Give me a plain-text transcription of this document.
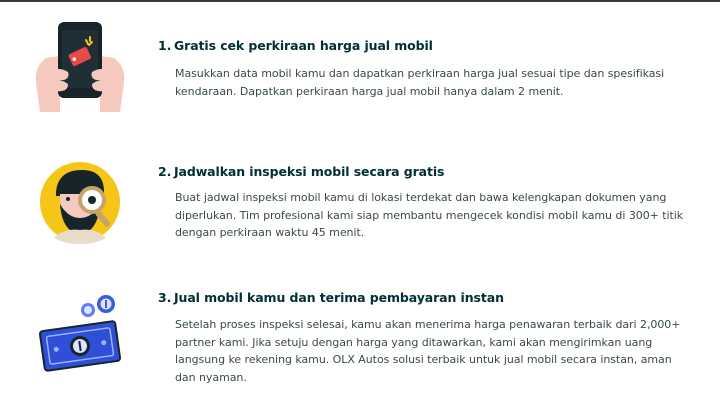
1. Gratis cek perkiraan harga jual mobil
Masukkan data mobil kamu dan dapatkan perkiraan harga jual sesuai tipe dan spesifikasi kendaraan. Dapatkan perkiraan harga jual mobil hanya dalam 2 menit.
2. Jadwalkan inspeksi mobil secara gratis
Buat jadwal inspeksi mobil kamu di lokasi terdekat dan bawa kelengkapan dokumen yang diperlukan. Tim profesional kami siap membantu mengecek kondisi mobil kamu di 300+ titik dengan perkiraan waktu 45 menit.
3. Jual mobil kamu dan terima pembayaran instan
Setelah proses inspeksi selesai, kamu akan menerima harga penawaran terbaik dari 2,000+ partner kami. Jika setuju dengan harga yang ditawarkan, kami akan mengirimkan uang langsung ke rekening kamu. OLX Autos solusi terbaik untuk jual mobil secara instan, aman dan nyaman.
